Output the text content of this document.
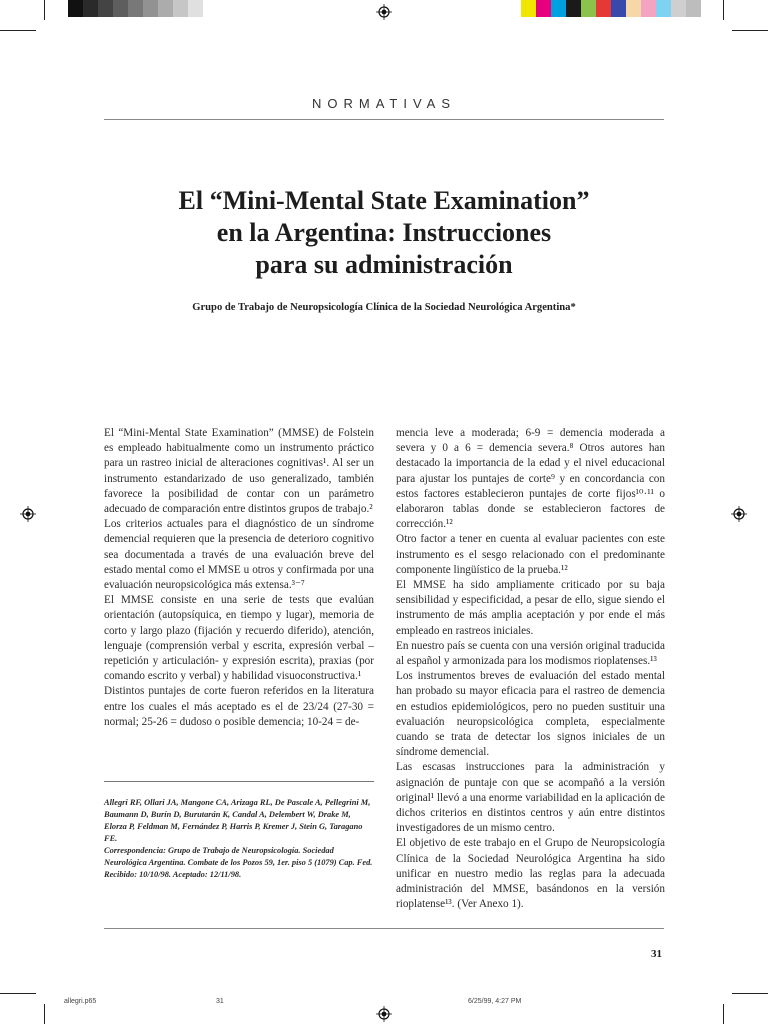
NORMATIVAS
El “Mini-Mental State Examination”
en la Argentina: Instrucciones
para su administración
Grupo de Trabajo de Neuropsicología Clínica de la Sociedad Neurológica Argentina*

El “Mini-Mental State Examination” (MMSE) de Folstein es empleado habitualmente como un instrumento práctico para un rastreo inicial de alteraciones cognitivas¹. Al ser un instrumento estandarizado de uso generalizado, también favorece la posibilidad de contar con un parámetro adecuado de comparación entre distintos grupos de trabajo.²

Los criterios actuales para el diagnóstico de un síndrome demencial requieren que la presencia de deterioro cognitivo sea documentada a través de una evaluación breve del estado mental como el MMSE u otros y confirmada por una evaluación neuropsicológica más extensa.³⁻⁷

El MMSE consiste en una serie de tests que evalúan orientación (autopsíquica, en tiempo y lugar), memoria de corto y largo plazo (fijación y recuerdo diferido), atención, lenguaje (comprensión verbal y escrita, expresión verbal –repetición y articulación- y expresión escrita), praxias (por comando escrito y verbal) y habilidad visuoconstructiva.¹

Distintos puntajes de corte fueron referidos en la literatura entre los cuales el más aceptado es el de 23/24 (27-30 = normal; 25-26 = dudoso o posible demencia; 10-24 = de-

Allegri RF, Ollari JA, Mangone CA, Arizaga RL, De Pascale A, Pellegrini M, Baumann D, Burín D, Burutarán K, Candal A, Delembert W, Drake M, Elorza P, Feldman M, Fernández P, Harris P, Kremer J, Stein G, Taragano FE.

Correspondencia: Grupo de Trabajo de Neuropsicología. Sociedad Neurológica Argentina. Combate de los Pozos 59, 1er. piso 5 (1079) Cap. Fed.

Recibido: 10/10/98. Aceptado: 12/11/98.

mencia leve a moderada; 6-9 = demencia moderada a severa y 0 a 6 = demencia severa.⁸ Otros autores han destacado la importancia de la edad y el nivel educacional para ajustar los puntajes de corte⁹ y en concordancia con estos factores establecieron puntajes de corte fijos¹⁰·¹¹ o elaboraron tablas donde se establecieron factores de corrección.¹²

Otro factor a tener en cuenta al evaluar pacientes con este instrumento es el sesgo relacionado con el predominante componente lingüístico de la prueba.¹²

El MMSE ha sido ampliamente criticado por su baja sensibilidad y especificidad, a pesar de ello, sigue siendo el instrumento de más amplia aceptación y por ende el más empleado en rastreos iniciales.

En nuestro país se cuenta con una versión original traducida al español y armonizada para los modismos rioplatenses.¹³

Los instrumentos breves de evaluación del estado mental han probado su mayor eficacia para el rastreo de demencia en estudios epidemiológicos, pero no pueden sustituir una evaluación neuropsicológica completa, especialmente cuando se trata de detectar los signos iniciales de un síndrome demencial.

Las escasas instrucciones para la administración y asignación de puntaje con que se acompañó a la versión original¹ llevó a una enorme variabilidad en la aplicación de dichos criterios en distintos centros y aún entre distintos investigadores de un mismo centro.

El objetivo de este trabajo en el Grupo de Neuropsicología Clínica de la Sociedad Neurológica Argentina ha sido unificar en nuestro medio las reglas para la adecuada administración del MMSE, basándonos en la versión rioplatense¹³. (Ver Anexo 1).

31
allegri.p65	31	6/25/99, 4:27 PM
